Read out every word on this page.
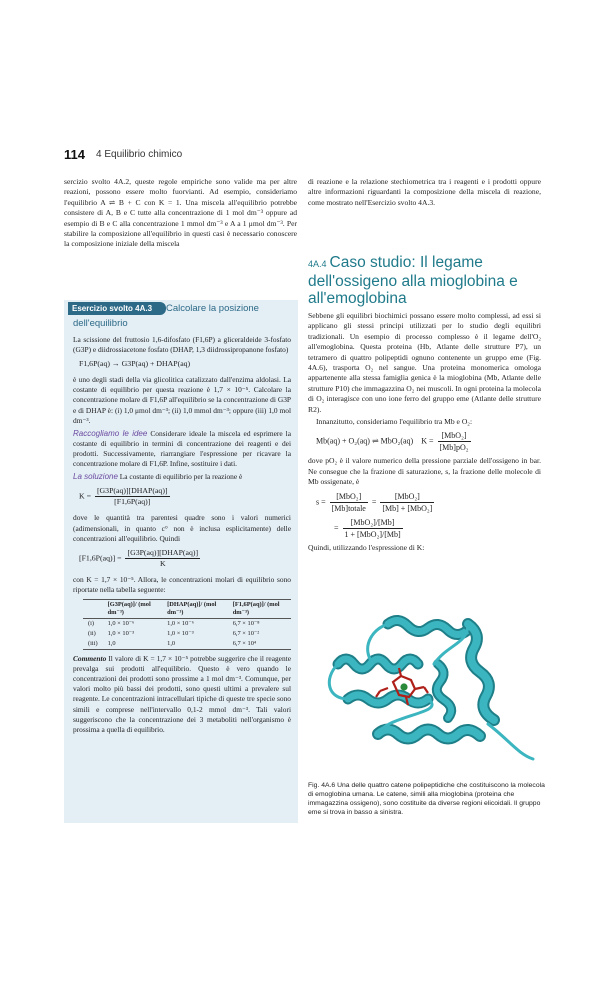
114 4 Equilibrio chimico

sercizio svolto 4A.2, queste regole empiriche sono valide ma per altre reazioni, possono essere molto fuorvianti. Ad esempio, consideriamo l'equilibrio A ⇌ B + C con K = 1. Una miscela all'equilibrio potrebbe consistere di A, B e C tutte alla concentrazione di 1 mol dm⁻³ oppure ad esempio di B e C alla concentrazione 1 mmol dm⁻³ e A a 1 μmol dm⁻³. Per stabilire la composizione all'equilibrio in questi casi è necessario conoscere la composizione iniziale della miscela

di reazione e la relazione stechiometrica tra i reagenti e i prodotti oppure altre informazioni riguardanti la composizione della miscela di reazione, come mostrato nell'Esercizio svolto 4A.3.

4A.4 Caso studio: Il legame dell'ossigeno alla mioglobina e all'emoglobina

Sebbene gli equilibri biochimici possano essere molto complessi, ad essi si applicano gli stessi principi utilizzati per lo studio degli equilibri tradizionali. Un esempio di processo complesso è il legame dell'O₂ all'emoglobina. Questa proteina (Hb, Atlante delle strutture P7), un tetramero di quattro polipeptidi ognuno contenente un gruppo eme (Fig. 4A.6), trasporta O₂ nel sangue. Una proteina monomerica omologa appartenente alla stessa famiglia genica è la mioglobina (Mb, Atlante delle strutture P10) che immagazzina O₂ nei muscoli. In ogni proteina la molecola di O₂ interagisce con uno ione ferro del gruppo eme (Atlante delle strutture R2).

Innanzitutto, consideriamo l'equilibrio tra Mb e O₂:

Mb(aq) + O₂(aq) ⇌ MbO₂(aq) $K = \frac{\text{[MbO₂]}}{\text{[Mb]pO₂}}$

dove pO₂ è il valore numerico della pressione parziale dell'ossigeno in bar. Ne consegue che la frazione di saturazione, s, la frazione delle molecole di Mb ossigenate, è

$s = \frac{\text{[MbO₂]}}{\text{[Mb]totale}} = \frac{\text{[MbO₂]}}{\text{[Mb] + [MbO₂]}}$
= $\frac{\text{[MbO₂]/[Mb]}}{\text{1 + [MbO₂]/[Mb]}}$

Quindi, utilizzando l'espressione di K:

Esercizio svolto 4A.3	Calcolare la posizione
dell'equilibrio

La scissione del fruttosio 1,6-difosfato (F1,6P) a gliceraldeide 3-fosfato (G3P) e diidrossiacetone fosfato (DHAP, 1,3 diidrossipropanone fosfato)

F1,6P(aq) → G3P(aq) + DHAP(aq)

è uno degli stadi della via glicolitica catalizzato dall'enzima aldolasi. La costante di equilibrio per questa reazione è 1,7 × 10⁻⁵. Calcolare la concentrazione molare di F1,6P all'equilibrio se la concentrazione di G3P e di DHAP è: (i) 1,0 μmol dm⁻³; (ii) 1,0 mmol dm⁻³; oppure (iii) 1,0 mol dm⁻³.

Raccogliamo le idee Considerare ideale la miscela ed esprimere la costante di equilibrio in termini di concentrazione dei reagenti e dei prodotti. Successivamente, riarrangiare l'espressione per ricavare la concentrazione molare di F1,6P. Infine, sostituire i dati.

La soluzione La costante di equilibrio per la reazione è

$K = \frac{\text{[G3P(aq)][DHAP(aq)]}}{[F1,6P(aq)]}$

dove le quantità tra parentesi quadre sono i valori numerici (adimensionali, in quanto c° non è inclusa esplicitamente) delle concentrazioni all'equilibrio. Quindi

$[F1,6P(aq)] = \frac{\text{[G3P(aq)][DHAP(aq)]}}{K}$

con K = 1,7 × 10⁻⁵. Allora, le concentrazioni molari di equilibrio sono riportate nella tabella seguente:

	[G3P(aq)]/ (mol dm⁻³)	[DHAP(aq)]/ (mol dm⁻³)	[F1,6P(aq)]/ (mol dm⁻³)
(i)	1,0 × 10⁻⁶	1,0 × 10⁻⁶	6,7 × 10⁻⁸
(ii)	1,0 × 10⁻³	1,0 × 10⁻³	6,7 × 10⁻²
(iii)	1,0	1,0	6,7 × 10⁴

Commento Il valore di K = 1,7 × 10⁻⁵ potrebbe suggerire che il reagente prevalga sui prodotti all'equilibrio. Questo è vero quando le concentrazioni dei prodotti sono prossime a 1 mol dm⁻³. Comunque, per valori molto più bassi dei prodotti, sono questi ultimi a prevalere sul reagente. Le concentrazioni intracellulari tipiche di queste tre specie sono simili e comprese nell'intervallo 0,1-2 mmol dm⁻³. Tali valori suggeriscono che la concentrazione dei 3 metaboliti nell'organismo è prossima a quella di equilibrio.

Fig. 4A.6 Una delle quattro catene polipeptidiche che costituiscono la molecola di emoglobina umana. Le catene, simili alla mioglobina (proteina che immagazzina ossigeno), sono costituite da diverse regioni elicoidali. Il gruppo eme si trova in basso a sinistra.
